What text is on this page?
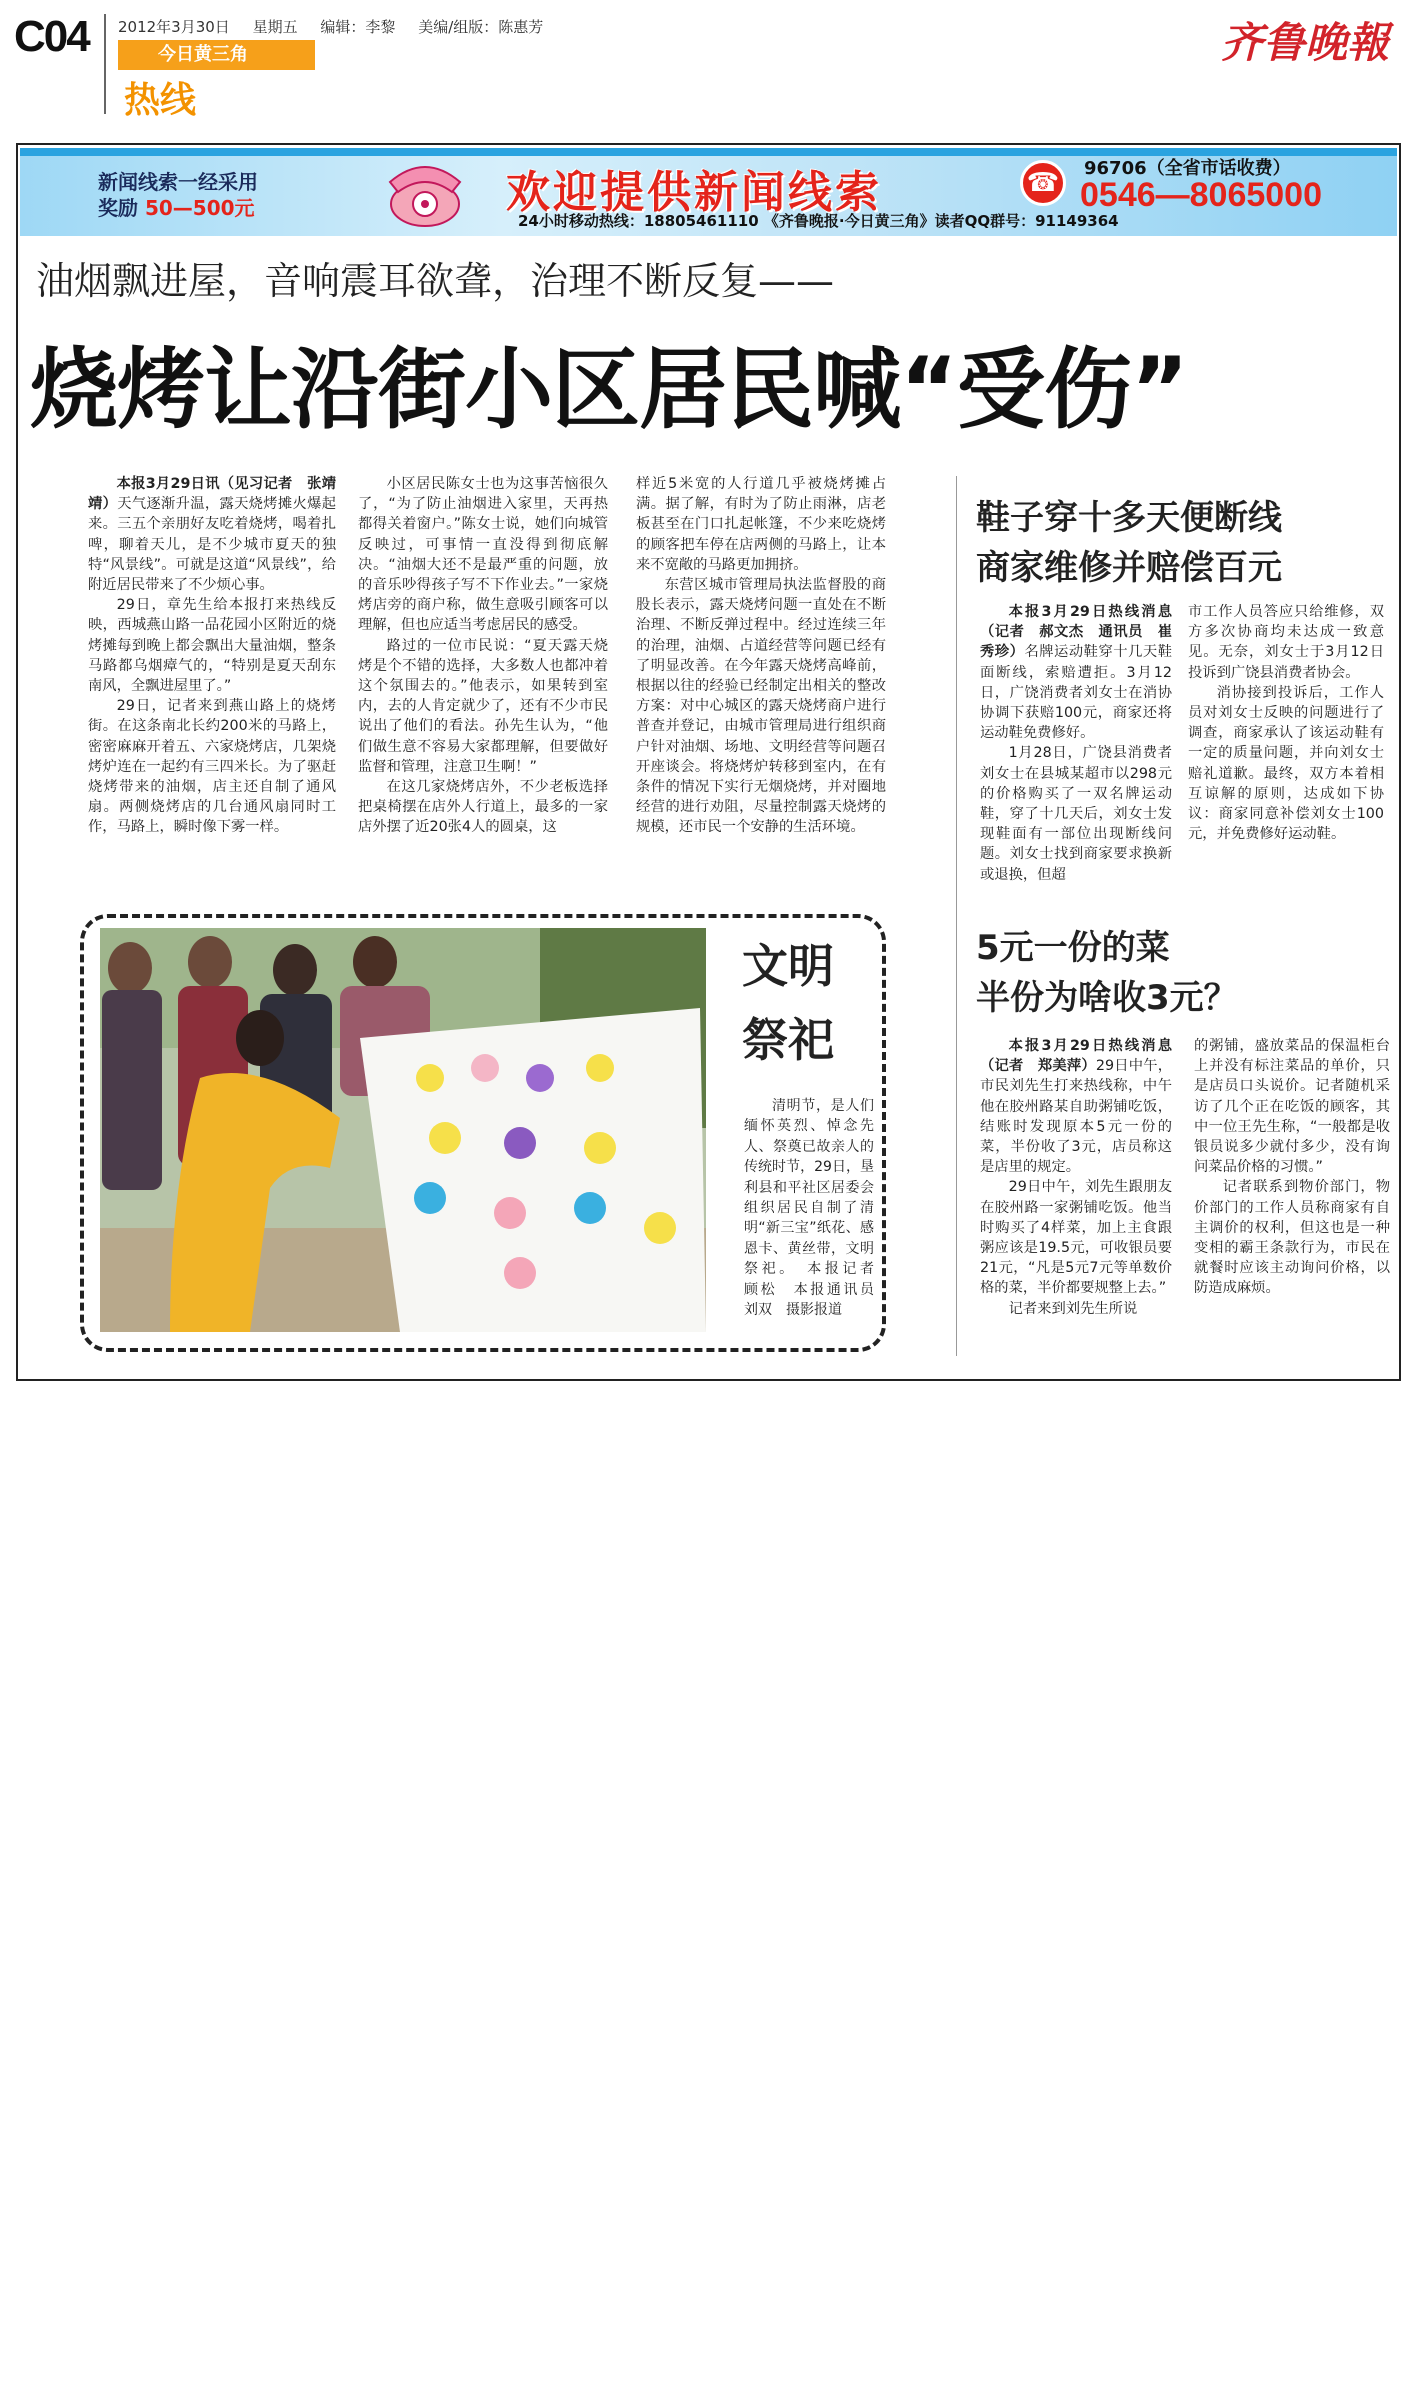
C04 2012年3月30日 星期五 编辑：李黎 美编/组版：陈惠芳
今日黄三角
热线
齐鲁晚報
新闻线索一经采用
奖励 50—500元	欢迎提供新闻线索
24小时移动热线：18805461110 《齐鲁晚报·今日黄三角》读者QQ群号：91149364
☎	96706（全省市话收费）
0546—8065000
油烟飘进屋，音响震耳欲聋，治理不断反复——
烧烤让沿街小区居民喊“受伤”

本报3月29日讯（见习记者　张靖靖）天气逐渐升温，露天烧烤摊火爆起来。三五个亲朋好友吃着烧烤，喝着扎啤，聊着天儿，是不少城市夏天的独特“风景线”。可就是这道“风景线”，给附近居民带来了不少烦心事。

29日，章先生给本报打来热线反映，西城燕山路一品花园小区附近的烧烤摊每到晚上都会飘出大量油烟，整条马路都乌烟瘴气的，“特别是夏天刮东南风，全飘进屋里了。”

29日，记者来到燕山路上的烧烤街。在这条南北长约200米的马路上，密密麻麻开着五、六家烧烤店，几架烧烤炉连在一起约有三四米长。为了驱赶烧烤带来的油烟，店主还自制了通风扇。两侧烧烤店的几台通风扇同时工作，马路上，瞬时像下雾一样。

小区居民陈女士也为这事苦恼很久了，“为了防止油烟进入家里，天再热都得关着窗户。”陈女士说，她们向城管反映过，可事情一直没得到彻底解决。“油烟大还不是最严重的问题，放的音乐吵得孩子写不下作业去。”一家烧烤店旁的商户称，做生意吸引顾客可以理解，但也应适当考虑居民的感受。

路过的一位市民说：“夏天露天烧烤是个不错的选择，大多数人也都冲着这个氛围去的。”他表示，如果转到室内，去的人肯定就少了，还有不少市民说出了他们的看法。孙先生认为，“他们做生意不容易大家都理解，但要做好监督和管理，注意卫生啊！”

在这几家烧烤店外，不少老板选择把桌椅摆在店外人行道上，最多的一家店外摆了近20张4人的圆桌，这

样近5米宽的人行道几乎被烧烤摊占满。据了解，有时为了防止雨淋，店老板甚至在门口扎起帐篷，不少来吃烧烤的顾客把车停在店两侧的马路上，让本来不宽敞的马路更加拥挤。

东营区城市管理局执法监督股的商股长表示，露天烧烤问题一直处在不断治理、不断反弹过程中。经过连续三年的治理，油烟、占道经营等问题已经有了明显改善。在今年露天烧烤高峰前，根据以往的经验已经制定出相关的整改方案：对中心城区的露天烧烤商户进行普查并登记，由城市管理局进行组织商户针对油烟、场地、文明经营等问题召开座谈会。将烧烤炉转移到室内，在有条件的情况下实行无烟烧烤，并对圈地经营的进行劝阻，尽量控制露天烧烤的规模，还市民一个安静的生活环境。

鞋子穿十多天便断线
商家维修并赔偿百元

本报3月29日热线消息（记者　郝文杰　通讯员　崔秀珍）名牌运动鞋穿十几天鞋面断线，索赔遭拒。3月12日，广饶消费者刘女士在消协协调下获赔100元，商家还将运动鞋免费修好。

1月28日，广饶县消费者刘女士在县城某超市以298元的价格购买了一双名牌运动鞋，穿了十几天后，刘女士发现鞋面有一部位出现断线问题。刘女士找到商家要求换新或退换，但超

市工作人员答应只给维修，双方多次协商均未达成一致意见。无奈，刘女士于3月12日投诉到广饶县消费者协会。

消协接到投诉后，工作人员对刘女士反映的问题进行了调查，商家承认了该运动鞋有一定的质量问题，并向刘女士赔礼道歉。最终，双方本着相互谅解的原则，达成如下协议：商家同意补偿刘女士100元，并免费修好运动鞋。

5元一份的菜
半份为啥收3元？

本报3月29日热线消息（记者　郑美萍）29日中午，市民刘先生打来热线称，中午他在胶州路某自助粥铺吃饭，结账时发现原本5元一份的菜，半份收了3元，店员称这是店里的规定。

29日中午，刘先生跟朋友在胶州路一家粥铺吃饭。他当时购买了4样菜，加上主食跟粥应该是19.5元，可收银员要21元，“凡是5元7元等单数价格的菜，半价都要规整上去。”

记者来到刘先生所说

的粥铺，盛放菜品的保温柜台上并没有标注菜品的单价，只是店员口头说价。记者随机采访了几个正在吃饭的顾客，其中一位王先生称，“一般都是收银员说多少就付多少，没有询问菜品价格的习惯。”

记者联系到物价部门，物价部门的工作人员称商家有自主调价的权利，但这也是一种变相的霸王条款行为，市民在就餐时应该主动询问价格，以防造成麻烦。

文明
祭祀

清明节，是人们缅怀英烈、悼念先人、祭奠已故亲人的传统时节，29日，垦利县和平社区居委会组织居民自制了清明“新三宝”纸花、感恩卡、黄丝带，文明祭祀。　本报记者　顾松　本报通讯员　刘双　摄影报道
